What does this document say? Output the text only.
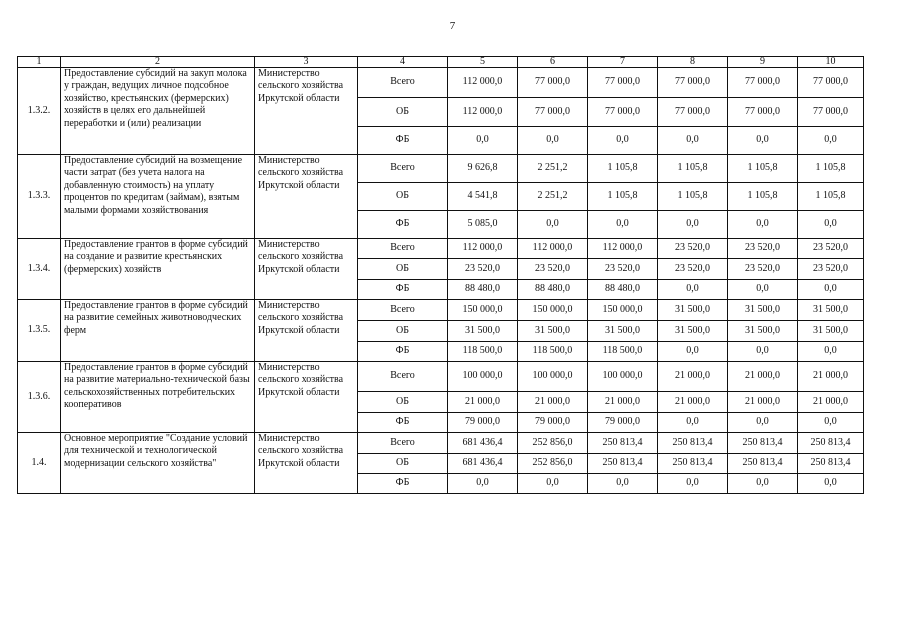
7
1	2	3	4	5	6	7	8	9	10
1.3.2.	Предоставление субсидий на закуп молока у граждан, ведущих личное подсобное хозяйство, крестьянских (фермерских) хозяйств в целях его дальнейшей переработки и (или) реализации	Министерство сельского хозяйства Иркутской области	Всего	112 000,0	77 000,0	77 000,0	77 000,0	77 000,0	77 000,0
			ОБ	112 000,0	77 000,0	77 000,0	77 000,0	77 000,0	77 000,0
			ФБ	0,0	0,0	0,0	0,0	0,0	0,0
1.3.3.	Предоставление субсидий на возмещение части затрат (без учета налога на добавленную стоимость) на уплату процентов по кредитам (займам), взятым малыми формами хозяйствования	Министерство сельского хозяйства Иркутской области	Всего	9 626,8	2 251,2	1 105,8	1 105,8	1 105,8	1 105,8
			ОБ	4 541,8	2 251,2	1 105,8	1 105,8	1 105,8	1 105,8
			ФБ	5 085,0	0,0	0,0	0,0	0,0	0,0
1.3.4.	Предоставление грантов в форме субсидий на создание и развитие крестьянских (фермерских) хозяйств	Министерство сельского хозяйства Иркутской области	Всего	112 000,0	112 000,0	112 000,0	23 520,0	23 520,0	23 520,0
			ОБ	23 520,0	23 520,0	23 520,0	23 520,0	23 520,0	23 520,0
			ФБ	88 480,0	88 480,0	88 480,0	0,0	0,0	0,0
1.3.5.	Предоставление грантов в форме субсидий на развитие семейных животноводческих ферм	Министерство сельского хозяйства Иркутской области	Всего	150 000,0	150 000,0	150 000,0	31 500,0	31 500,0	31 500,0
			ОБ	31 500,0	31 500,0	31 500,0	31 500,0	31 500,0	31 500,0
			ФБ	118 500,0	118 500,0	118 500,0	0,0	0,0	0,0
1.3.6.	Предоставление грантов в форме субсидий на развитие материально-технической базы сельскохозяйственных потребительских кооперативов	Министерство сельского хозяйства Иркутской области	Всего	100 000,0	100 000,0	100 000,0	21 000,0	21 000,0	21 000,0
			ОБ	21 000,0	21 000,0	21 000,0	21 000,0	21 000,0	21 000,0
			ФБ	79 000,0	79 000,0	79 000,0	0,0	0,0	0,0
1.4.	Основное мероприятие "Создание условий для технической и технологической модернизации сельского хозяйства"	Министерство сельского хозяйства Иркутской области	Всего	681 436,4	252 856,0	250 813,4	250 813,4	250 813,4	250 813,4
			ОБ	681 436,4	252 856,0	250 813,4	250 813,4	250 813,4	250 813,4
			ФБ	0,0	0,0	0,0	0,0	0,0	0,0
